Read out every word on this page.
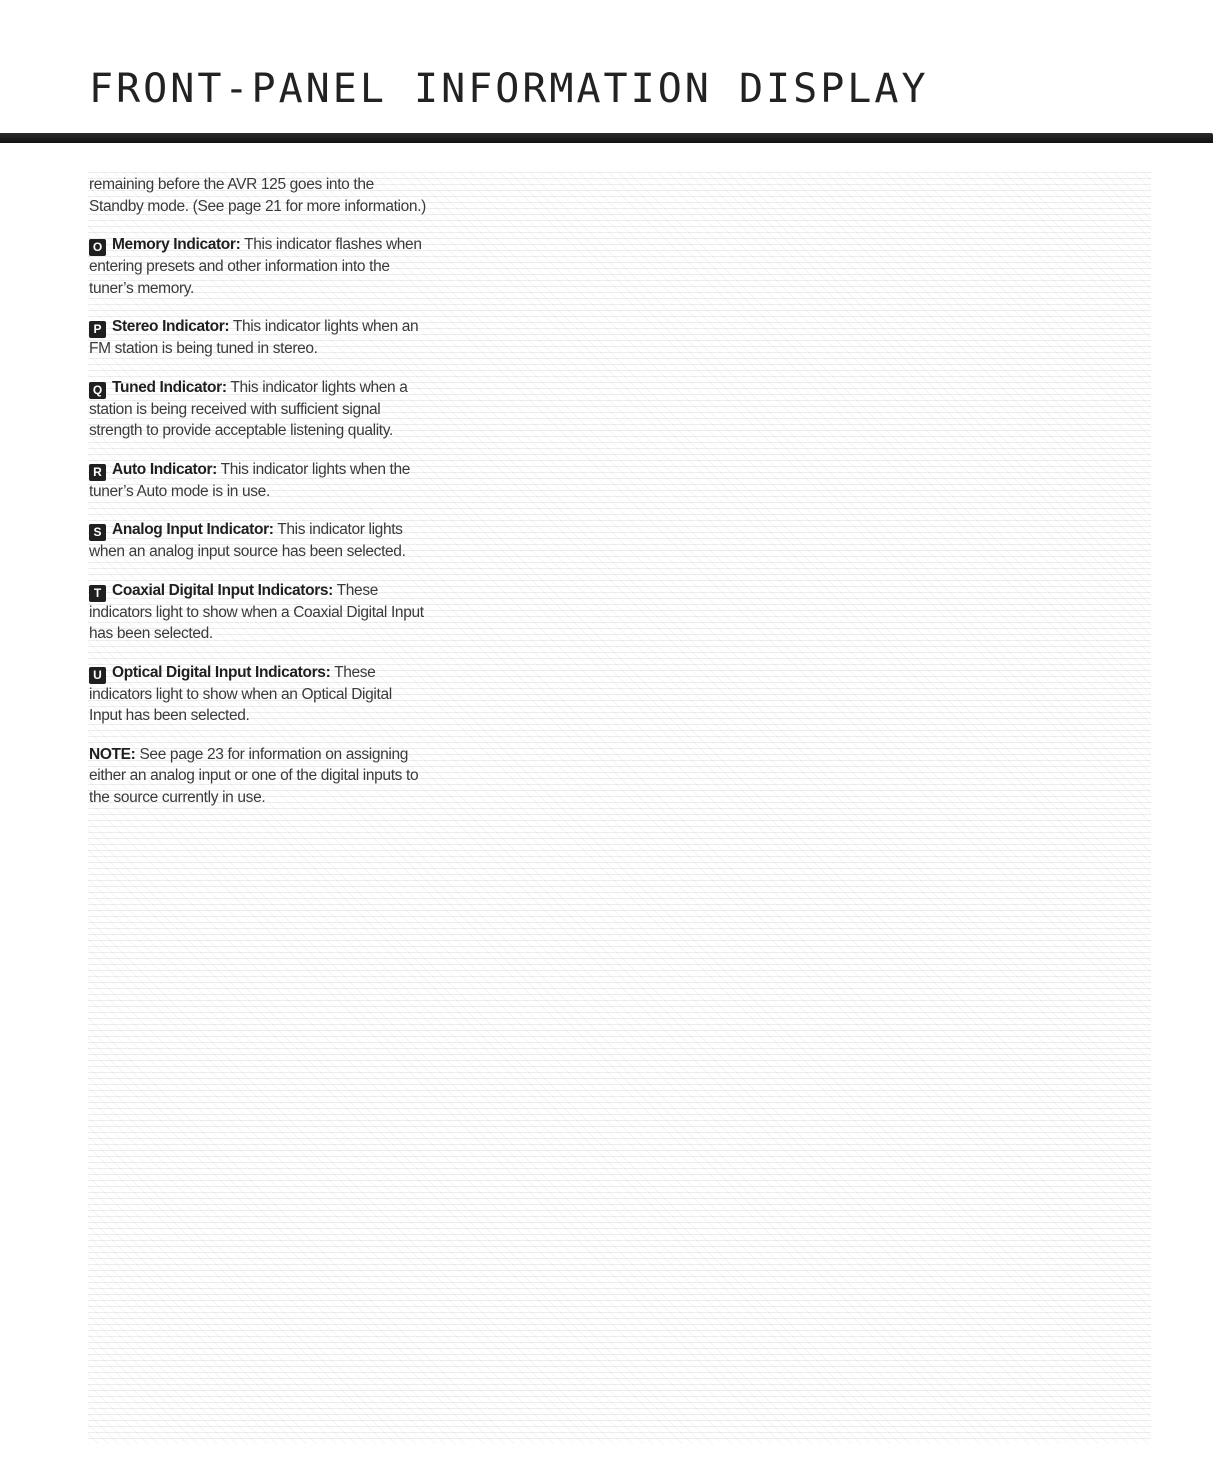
FRONT-PANEL INFORMATION DISPLAY

remaining before the AVR 125 goes into the Standby mode. (See page 21 for more information.)

O Memory Indicator: This indicator flashes when entering presets and other information into the tuner’s memory.

P Stereo Indicator: This indicator lights when an FM station is being tuned in stereo.

Q Tuned Indicator: This indicator lights when a station is being received with sufficient signal strength to provide acceptable listening quality.

R Auto Indicator: This indicator lights when the tuner’s Auto mode is in use.

S Analog Input Indicator: This indicator lights when an analog input source has been selected.

T Coaxial Digital Input Indicators: These indicators light to show when a Coaxial Digital Input has been selected.

U Optical Digital Input Indicators: These indicators light to show when an Optical Digital Input has been selected.

NOTE: See page 23 for information on assigning either an analog input or one of the digital inputs to the source currently in use.
